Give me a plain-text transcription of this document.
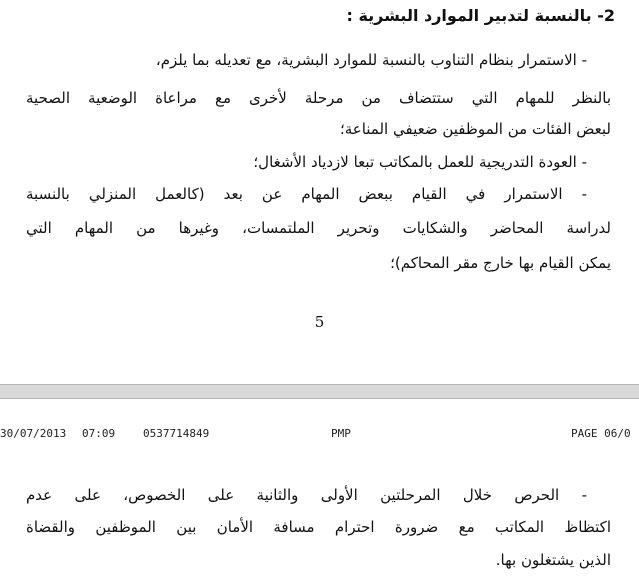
2- بالنسبة لتدبير الموارد البشرية :
- الاستمرار بنظام التناوب بالنسبة للموارد البشرية، مع تعديله بما يلزم،
بالنظر للمهام التي ستتضاف من مرحلة لأخرى مع مراعاة الوضعية الصحية
لبعض الفئات من الموظفين ضعيفي المناعة؛
- العودة التدريجية للعمل بالمكاتب تبعا لازدياد الأشغال؛
- الاستمرار في القيام ببعض المهام عن بعد (كالعمل المنزلي بالنسبة
لدراسة المحاضر والشكايات وتحرير الملتمسات، وغيرها من المهام التي
يمكن القيام بها خارج مقر المحاكم)؛
5
30/07/2013 07:09	0537714849	PMP	PAGE 06/0
- الحرص خلال المرحلتين الأولى والثانية على الخصوص، على عدم
اكتظاظ المكاتب مع ضرورة احترام مسافة الأمان بين الموظفين والقضاة
الذين يشتغلون بها.
